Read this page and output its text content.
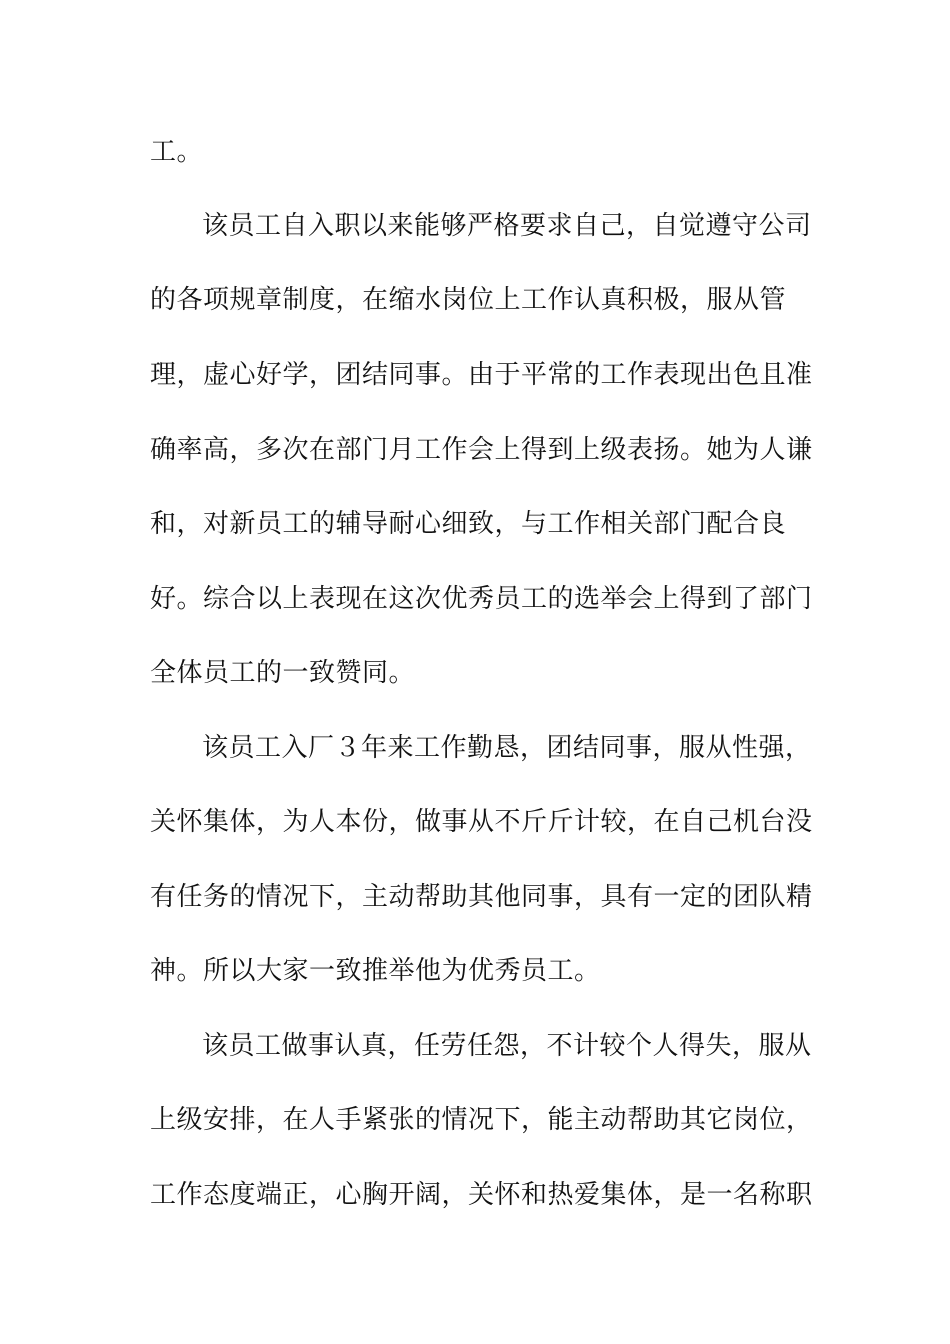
工。
该员工自入职以来能够严格要求自己，自觉遵守公司
的各项规章制度，在缩水岗位上工作认真积极，服从管
理，虚心好学，团结同事。由于平常的工作表现出色且准
确率高，多次在部门月工作会上得到上级表扬。她为人谦
和，对新员工的辅导耐心细致，与工作相关部门配合良
好。综合以上表现在这次优秀员工的选举会上得到了部门
全体员工的一致赞同。
该员工入厂３年来工作勤恳，团结同事，服从性强，
关怀集体，为人本份，做事从不斤斤计较，在自己机台没
有任务的情况下，主动帮助其他同事，具有一定的团队精
神。所以大家一致推举他为优秀员工。
该员工做事认真，任劳任怨，不计较个人得失，服从
上级安排，在人手紧张的情况下，能主动帮助其它岗位，
工作态度端正，心胸开阔，关怀和热爱集体，是一名称职
